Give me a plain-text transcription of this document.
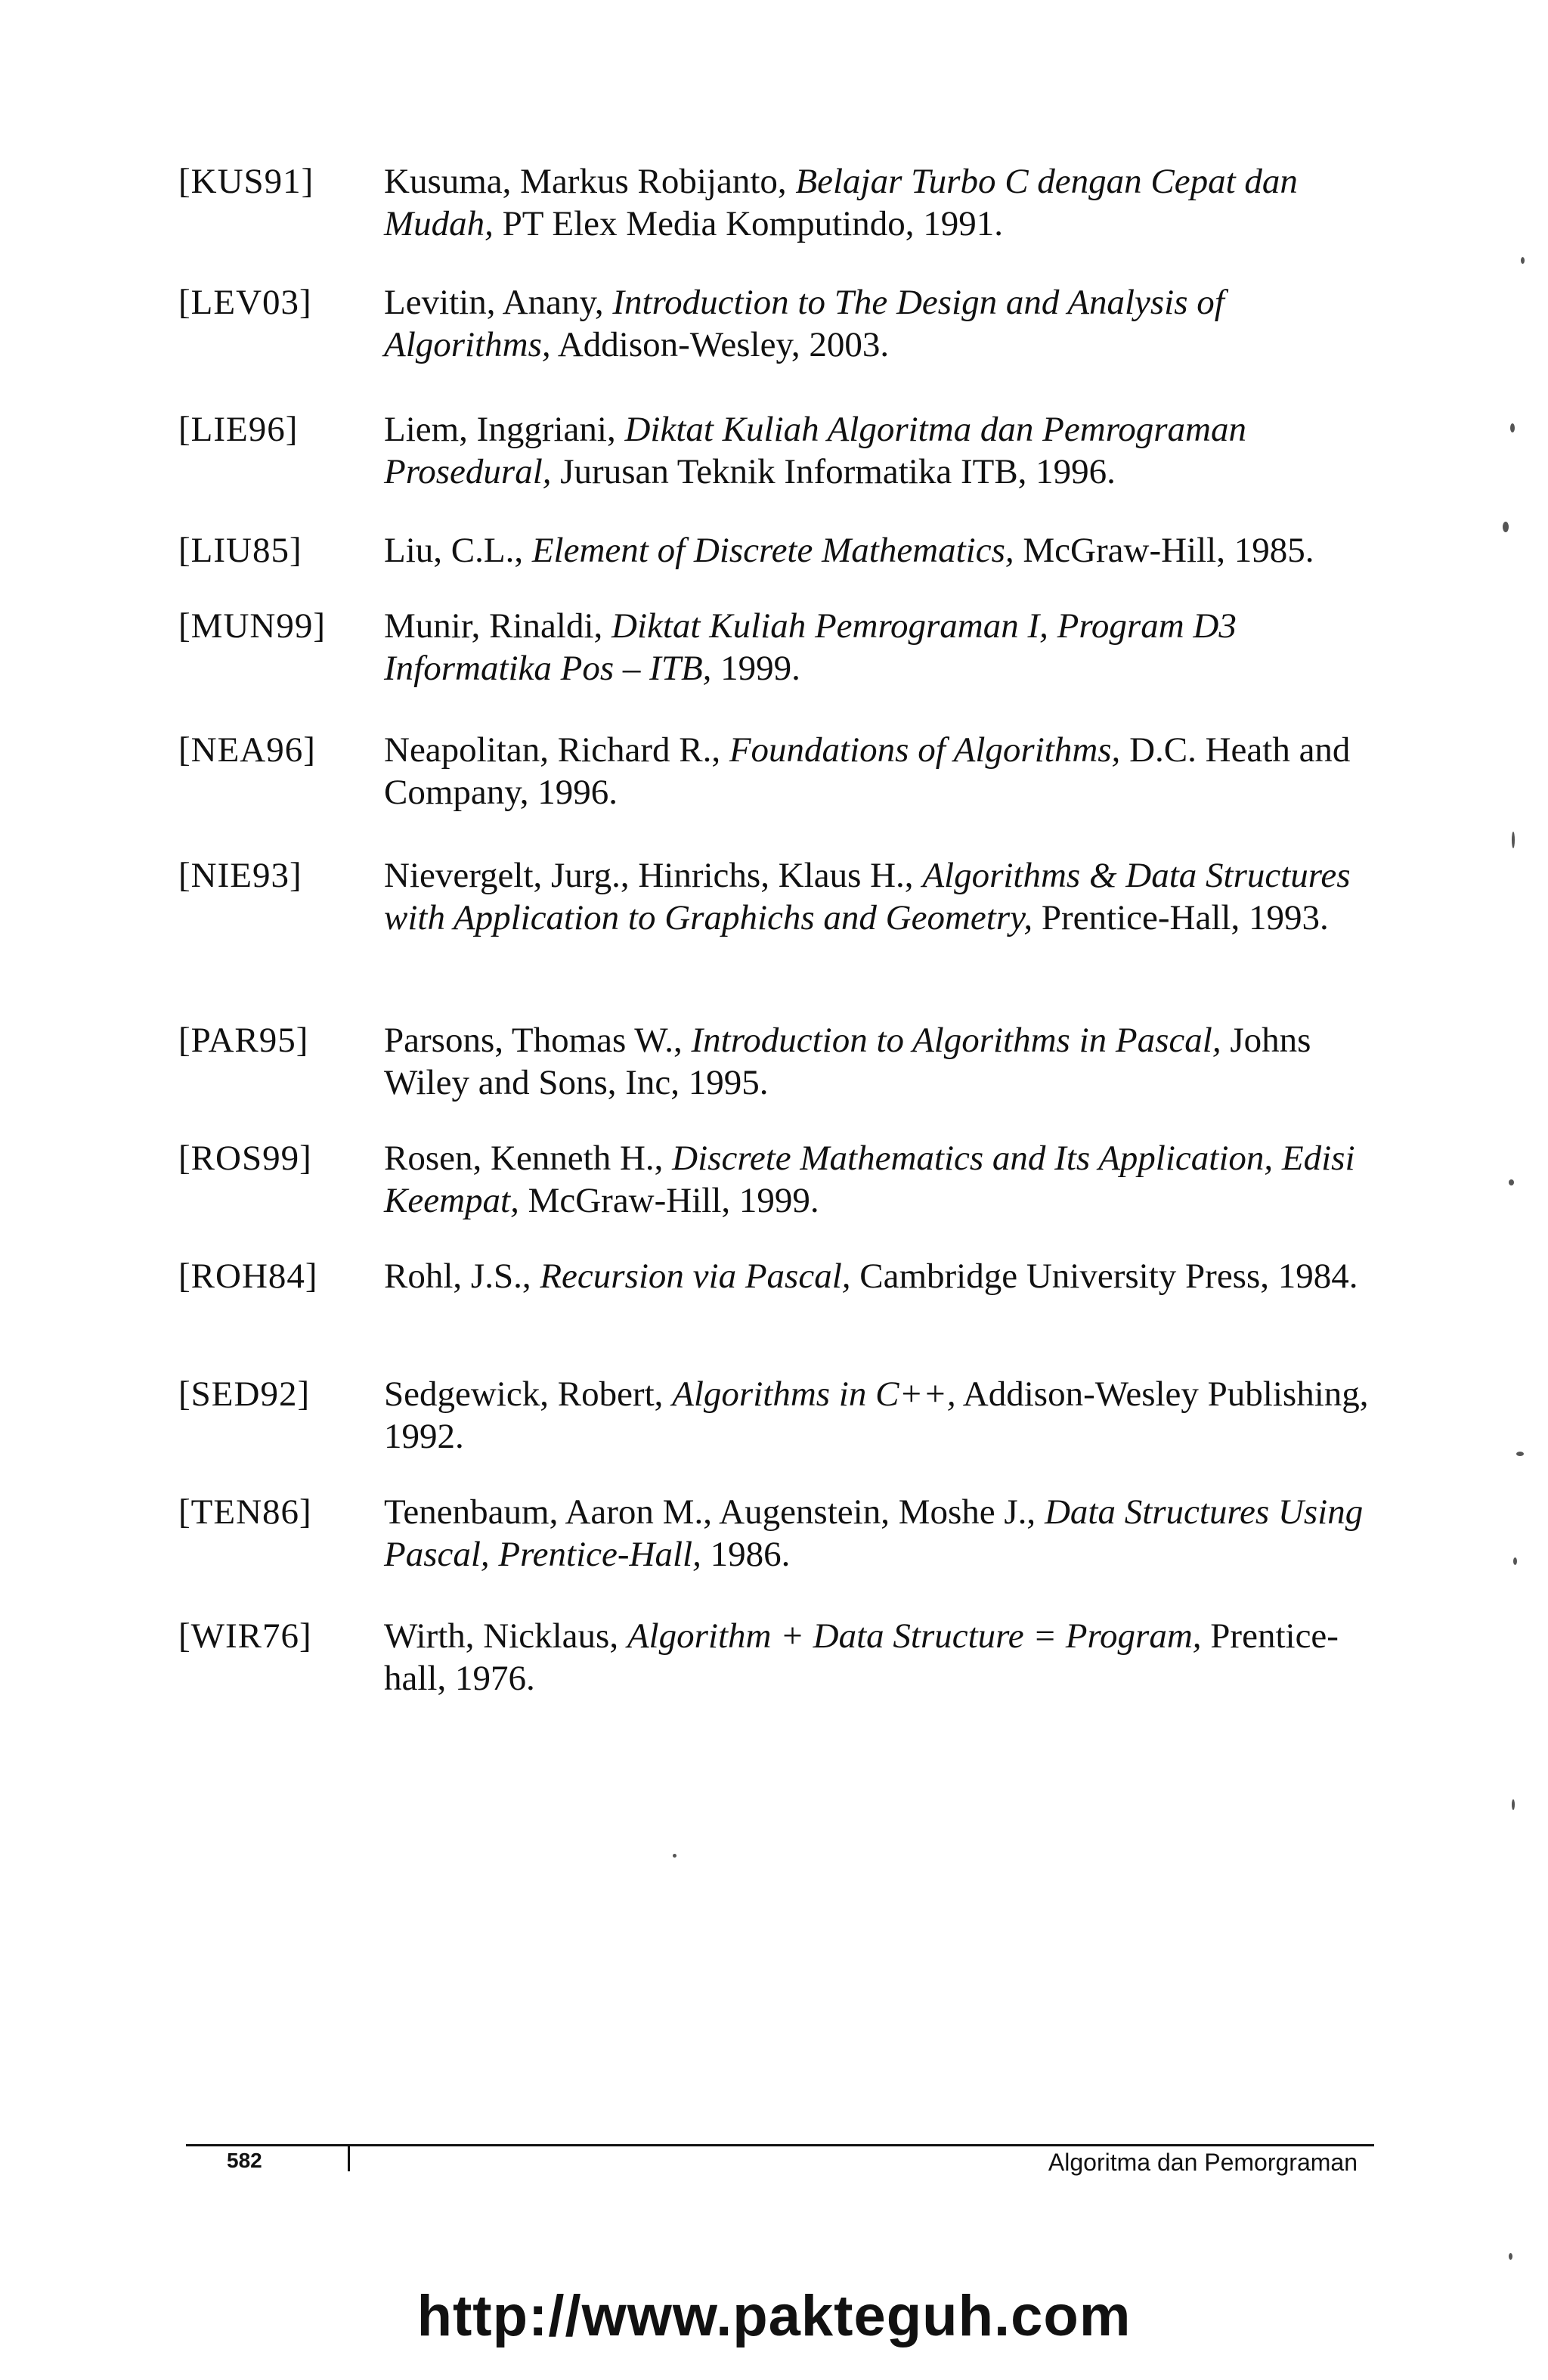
[KUS91] Kusuma, Markus Robijanto, Belajar Turbo C dengan Cepat dan Mudah, PT Elex Media Komputindo, 1991.
[LEV03] Levitin, Anany, Introduction to The Design and Analysis of Algorithms, Addison-Wesley, 2003.
[LIE96] Liem, Inggriani, Diktat Kuliah Algoritma dan Pemrograman Prosedural, Jurusan Teknik Informatika ITB, 1996.
[LIU85] Liu, C.L., Element of Discrete Mathematics, McGraw-Hill, 1985.
[MUN99] Munir, Rinaldi, Diktat Kuliah Pemrograman I, Program D3 Informatika Pos – ITB, 1999.
[NEA96] Neapolitan, Richard R., Foundations of Algorithms, D.C. Heath and Company, 1996.
[NIE93] Nievergelt, Jurg., Hinrichs, Klaus H., Algorithms & Data Structures with Application to Graphichs and Geometry, Prentice-Hall, 1993.
[PAR95] Parsons, Thomas W., Introduction to Algorithms in Pascal, Johns Wiley and Sons, Inc, 1995.
[ROS99] Rosen, Kenneth H., Discrete Mathematics and Its Application, Edisi Keempat, McGraw-Hill, 1999.
[ROH84] Rohl, J.S., Recursion via Pascal, Cambridge University Press, 1984.
[SED92] Sedgewick, Robert, Algorithms in C++, Addison-Wesley Publishing, 1992.
[TEN86] Tenenbaum, Aaron M., Augenstein, Moshe J., Data Structures Using Pascal, Prentice-Hall, 1986.
[WIR76] Wirth, Nicklaus, Algorithm + Data Structure = Program, Prentice-hall, 1976.
582	Algoritma dan Pemorgraman
http://www.pakteguh.com
